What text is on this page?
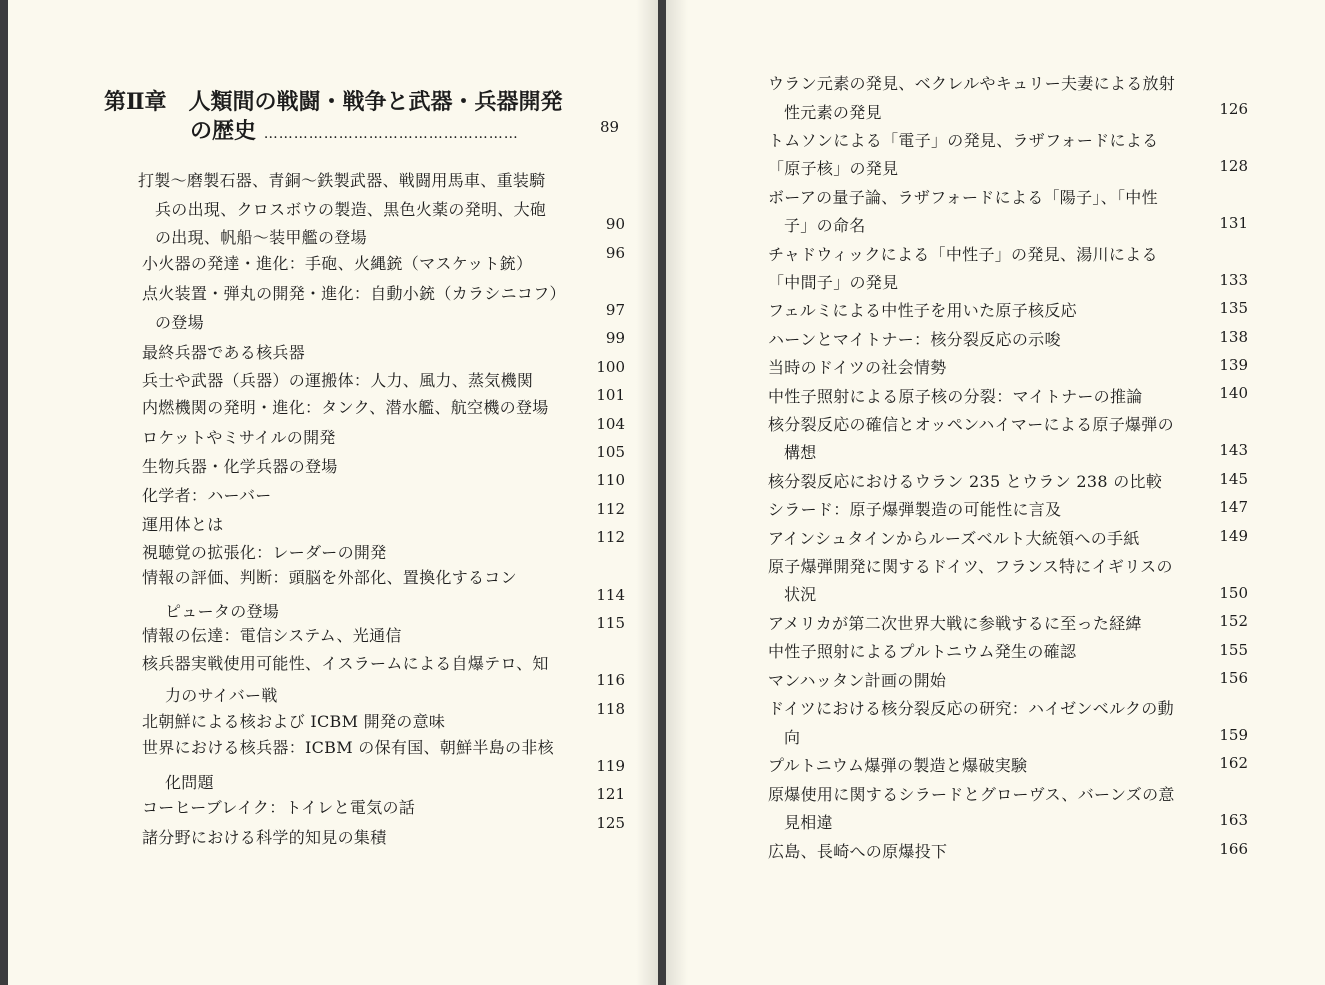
第Ⅱ章　人類間の戦闘・戦争と武器・兵器開発
の歴史 ……………………………………………	89
打製～磨製石器、青銅～鉄製武器、戦闘用馬車、重装騎
兵の出現、クロスボウの製造、黒色火薬の発明、大砲
の出現、帆船～装甲艦の登場
小火器の発達・進化：手砲、火縄銃（マスケット銃）
点火装置・弾丸の開発・進化：自動小銃（カラシニコフ）
の登場
最終兵器である核兵器
兵士や武器（兵器）の運搬体：人力、風力、蒸気機関
内燃機関の発明・進化：タンク、潜水艦、航空機の登場
ロケットやミサイルの開発
生物兵器・化学兵器の登場
化学者：ハーバー
運用体とは
視聴覚の拡張化：レーダーの開発
情報の評価、判断：頭脳を外部化、置換化するコン
ピュータの登場
情報の伝達：電信システム、光通信
核兵器実戦使用可能性、イスラームによる自爆テロ、知
力のサイバー戦
北朝鮮による核および ICBM 開発の意味
世界における核兵器：ICBM の保有国、朝鮮半島の非核
化問題
コーヒーブレイク：トイレと電気の話
諸分野における科学的知見の集積
90
96
97
99
100
101
104
105
110
112
112
114
115
116
118
119
121
125
ウラン元素の発見、ベクレルやキュリー夫妻による放射
性元素の発見
トムソンによる「電子」の発見、ラザフォードによる
「原子核」の発見
ボーアの量子論、ラザフォードによる「陽子」、「中性
子」の命名
チャドウィックによる「中性子」の発見、湯川による
「中間子」の発見
フェルミによる中性子を用いた原子核反応
ハーンとマイトナー：核分裂反応の示唆
当時のドイツの社会情勢
中性子照射による原子核の分裂：マイトナーの推論
核分裂反応の確信とオッペンハイマーによる原子爆弾の
構想
核分裂反応におけるウラン 235 とウラン 238 の比較
シラード：原子爆弾製造の可能性に言及
アインシュタインからルーズベルト大統領への手紙
原子爆弾開発に関するドイツ、フランス特にイギリスの
状況
アメリカが第二次世界大戦に参戦するに至った経緯
中性子照射によるプルトニウム発生の確認
マンハッタン計画の開始
ドイツにおける核分裂反応の研究：ハイゼンベルクの動
向
プルトニウム爆弾の製造と爆破実験
原爆使用に関するシラードとグローヴス、バーンズの意
見相違
広島、長崎への原爆投下
126
128
131
133
135
138
139
140
143
145
147
149
150
152
155
156
159
162
163
166
